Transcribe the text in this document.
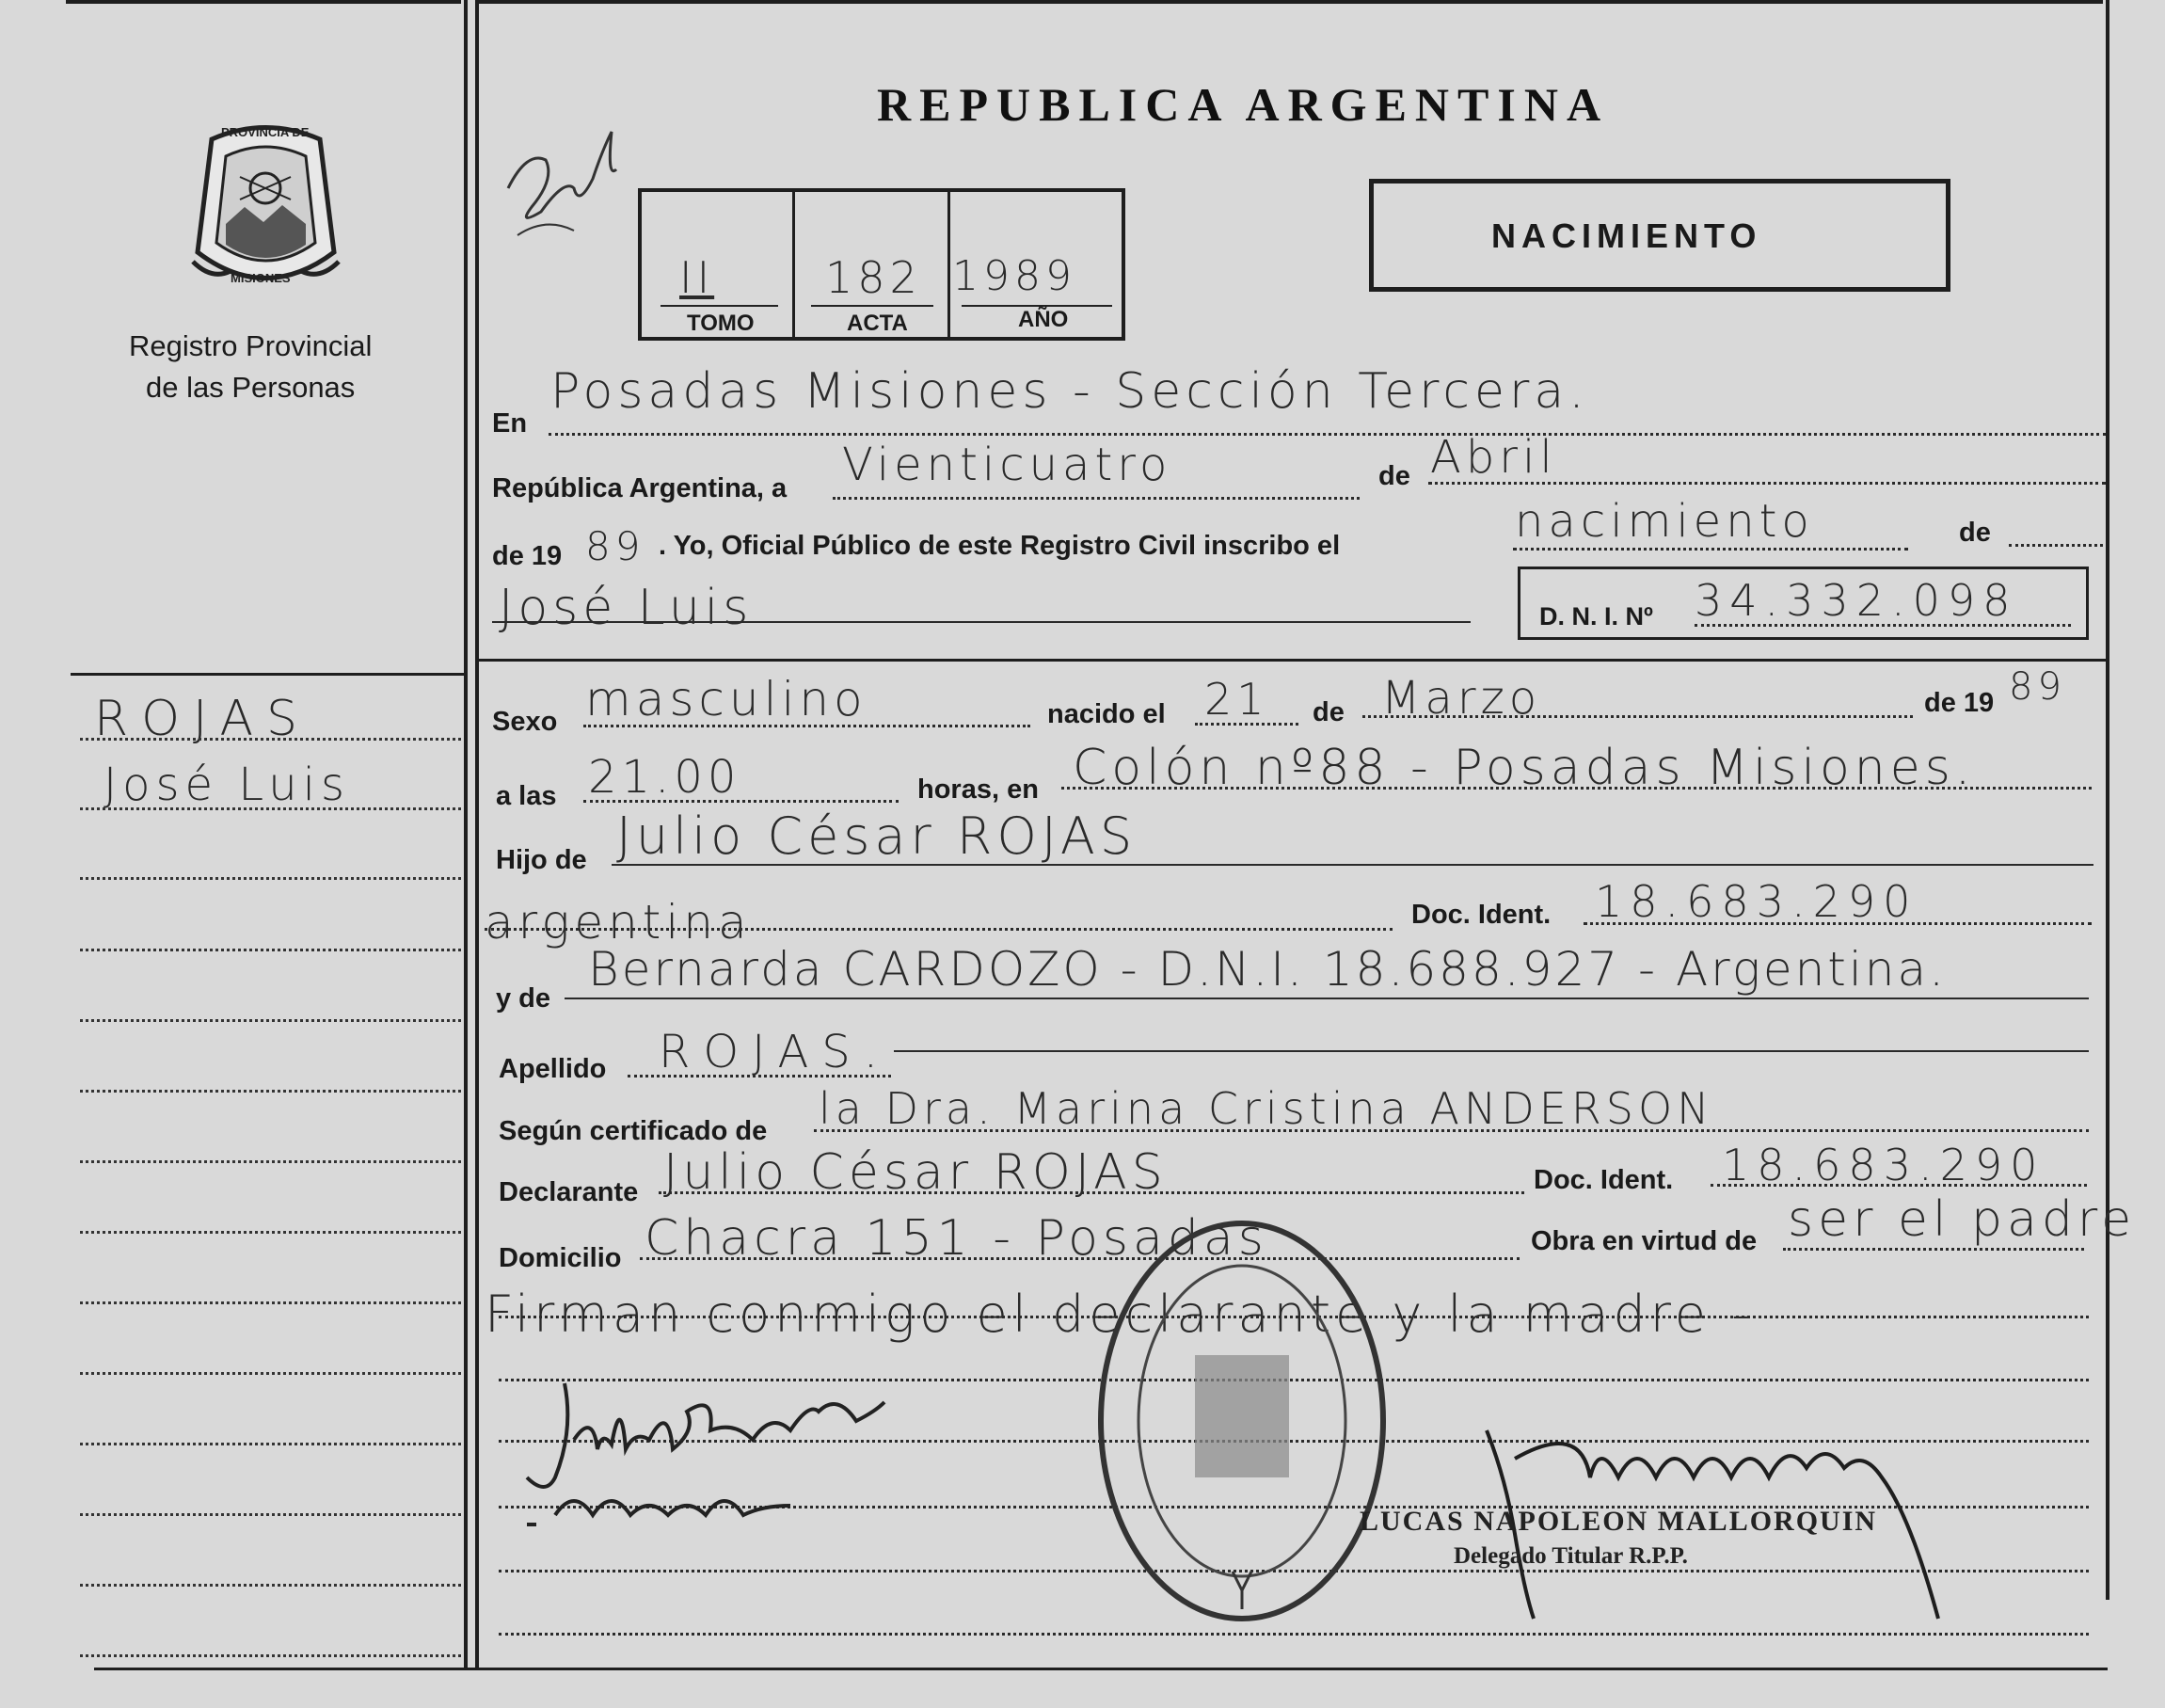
PROVINCIA DE
MISIONES
Registro Provincial
de las Personas
REPUBLICA ARGENTINA
II	182 1989
TOMO	ACTA	AÑO
NACIMIENTO
ROJAS
José Luis
En
Posadas Misiones - Sección Tercera.
República Argentina, a Vienticuatro	de Abril
de 19 89 . Yo, Oficial Público de este Registro Civil inscribo el	nacimiento	de
José Luis	D. N. I. Nº 34.332.098
Sexo masculino	nacido el 21 de Marzo	de 19 89
a las 21.00	horas, en Colón nº88 - Posadas Misiones.
Hijo de Julio César ROJAS
argentina	Doc. Ident. 18.683.290
y de
Bernarda CARDOZO - D.N.I. 18.688.927 - Argentina.
Apellido ROJAS.
Según certificado de la Dra. Marina Cristina ANDERSON
Declarante Julio César ROJAS	Doc. Ident. 18.683.290
Domicilio Chacra 151 - Posadas	Obra en virtud de ser el padre
Firman conmigo el declarante y la madre -
LUCAS NAPOLEON MALLORQUIN
Delegado Titular R.P.P.
